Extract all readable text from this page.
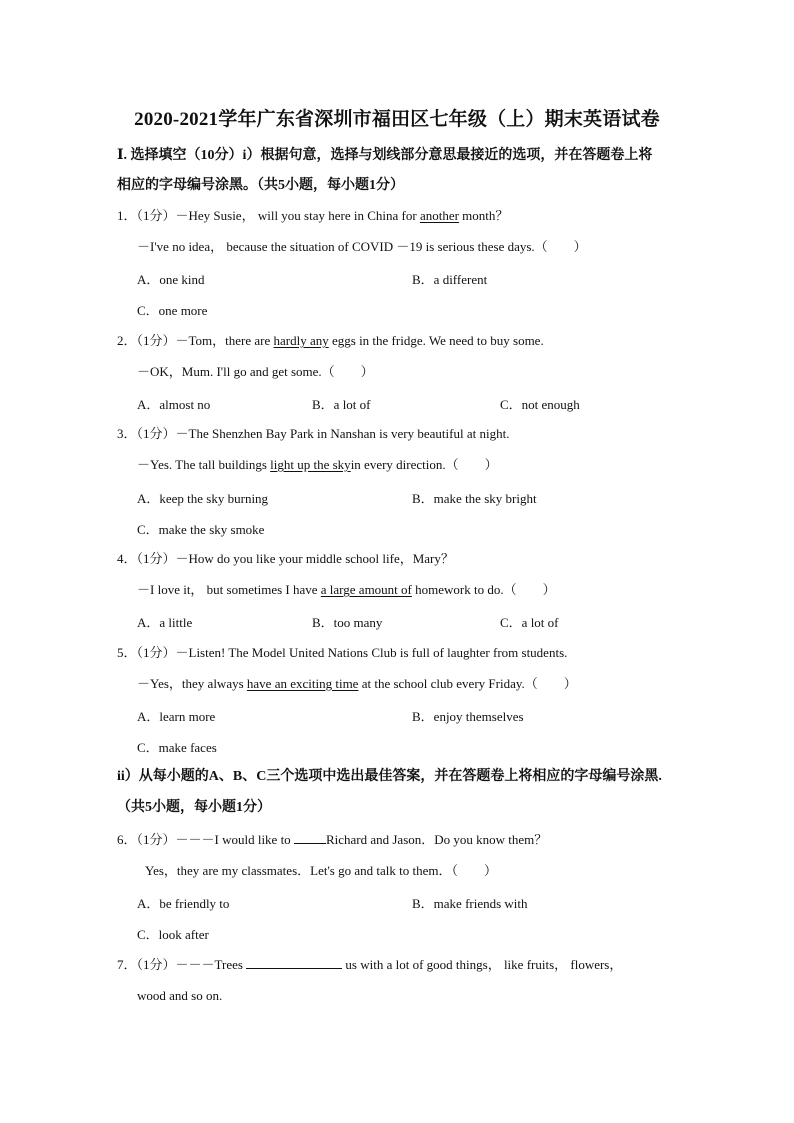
2020-2021学年广东省深圳市福田区七年级（上）期末英语试卷
Ⅰ. 选择填空（10分）i）根据句意，选择与划线部分意思最接近的选项，并在答题卷上将
相应的字母编号涂黑。（共5小题，每小题1分）
1．（1分）－Hey Susie， will you stay here in China for another month？
－I've no idea， because the situation of COVID －19 is serious these days.（　　）
A．one kind	B．a different
C．one more
2．（1分）－Tom，there are hardly any eggs in the fridge. We need to buy some.
－OK，Mum. I'll go and get some.（　　）
A．almost no	B．a lot of	C．not enough
3．（1分）－The Shenzhen Bay Park in Nanshan is very beautiful at night.
－Yes. The tall buildings light up the skyin every direction.（　　）
A．keep the sky burning	B．make the sky bright
C．make the sky smoke
4．（1分）－How do you like your middle school life，Mary？
－I love it， but sometimes I have a large amount of homework to do.（　　）
A．a little	B．too many	C．a lot of
5．（1分）－Listen! The Model United Nations Club is full of laughter from students.
－Yes，they always have an exciting time at the school club every Friday.（　　）
A．learn more	B．enjoy themselves
C．make faces
ii）从每小题的A、B、C三个选项中选出最佳答案，并在答题卷上将相应的字母编号涂黑.
（共5小题，每小题1分）
6．（1分）－－－I would like to Richard and Jason．Do you know them？
Yes，they are my classmates．Let's go and talk to them．（　　）
A．be friendly to	B．make friends with
C．look after
7．（1分）－－－Trees	us with a lot of good things， like fruits， flowers，
wood and so on.
